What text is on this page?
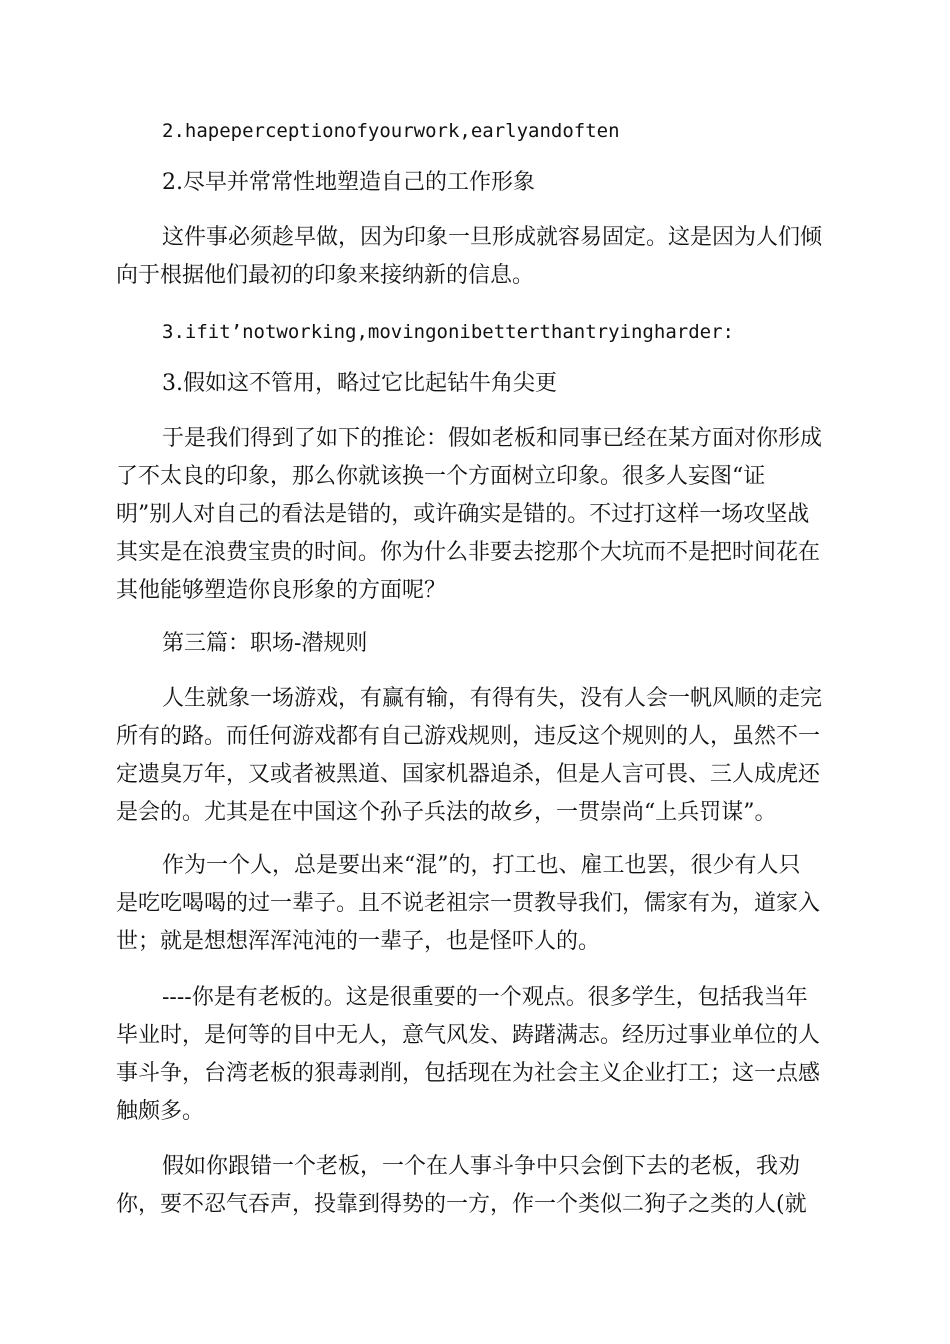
2.hapeperceptionofyourwork,earlyandoften
2.尽早并常常性地塑造自己的工作形象
这件事必须趁早做，因为印象一旦形成就容易固定。这是因为人们倾
向于根据他们最初的印象来接纳新的信息。
3.ifit’notworking,movingonibetterthantryingharder:
3.假如这不管用，略过它比起钻牛角尖更
于是我们得到了如下的推论：假如老板和同事已经在某方面对你形成
了不太良的印象，那么你就该换一个方面树立印象。很多人妄图“证
明”别人对自己的看法是错的，或许确实是错的。不过打这样一场攻坚战
其实是在浪费宝贵的时间。你为什么非要去挖那个大坑而不是把时间花在
其他能够塑造你良形象的方面呢？
第三篇：职场-潜规则
人生就象一场游戏，有赢有输，有得有失，没有人会一帆风顺的走完
所有的路。而任何游戏都有自己游戏规则，违反这个规则的人，虽然不一
定遗臭万年，又或者被黑道、国家机器追杀，但是人言可畏、三人成虎还
是会的。尤其是在中国这个孙子兵法的故乡，一贯崇尚“上兵罚谋”。
作为一个人，总是要出来“混”的，打工也、雇工也罢，很少有人只
是吃吃喝喝的过一辈子。且不说老祖宗一贯教导我们，儒家有为，道家入
世；就是想想浑浑沌沌的一辈子，也是怪吓人的。
----你是有老板的。这是很重要的一个观点。很多学生，包括我当年
毕业时，是何等的目中无人，意气风发、踌躇满志。经历过事业单位的人
事斗争，台湾老板的狠毒剥削，包括现在为社会主义企业打工；这一点感
触颇多。
假如你跟错一个老板，一个在人事斗争中只会倒下去的老板，我劝
你，要不忍气吞声，投靠到得势的一方，作一个类似二狗子之类的人(就
